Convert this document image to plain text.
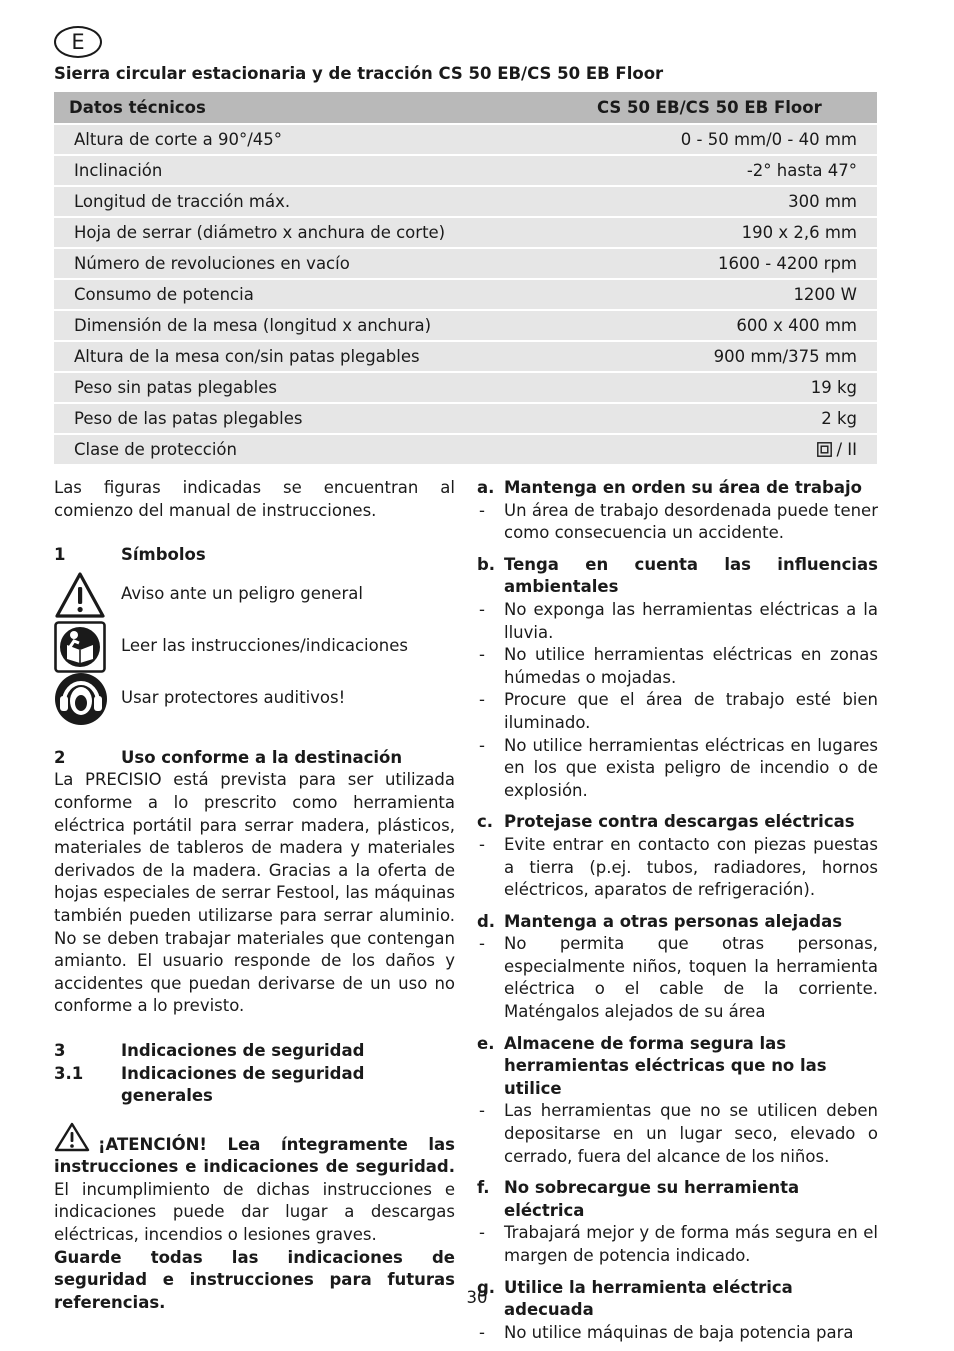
E
Sierra circular estacionaria y de tracción CS 50 EB/CS 50 EB Floor
Datos técnicos	CS 50 EB/CS 50 EB Floor
Altura de corte a 90°/45°	0 - 50 mm/0 - 40 mm
Inclinación	-2° hasta 47°
Longitud de tracción máx.	300 mm
Hoja de serrar (diámetro x anchura de corte)	190 x 2,6 mm
Número de revoluciones en vacío	1600 - 4200 rpm
Consumo de potencia	1200 W
Dimensión de la mesa (longitud x anchura)	600 x 400 mm
Altura de la mesa con/sin patas plegables	900 mm/375 mm
Peso sin patas plegables	19 kg
Peso de las patas plegables	2 kg
Clase de protección	/ II

Las figuras indicadas se encuentran al comienzo del manual de instrucciones.

1	Símbolos
Aviso ante un peligro general
Leer las instrucciones/indicaciones
Usar protectores auditivos!
2	Uso conforme a la destinación

La PRECISIO está prevista para ser utilizada conforme a lo prescrito como herramienta eléctrica portátil para serrar madera, plásticos, materiales de tableros de madera y materiales derivados de la madera. Gracias a la oferta de hojas especiales de serrar Festool, las máquinas también pueden utilizarse para serrar aluminio. No se deben trabajar materiales que contengan amianto. El usuario responde de los daños y accidentes que puedan derivarse de un uso no conforme a lo previsto.

3	Indicaciones de seguridad
3.1	Indicaciones de seguridad generales

¡ATENCIÓN! Lea íntegramente las instrucciones e indicaciones de seguridad. El incumplimiento de dichas instrucciones e indicaciones puede dar lugar a descargas eléctricas, incendios o lesiones graves.

Guarde todas las indicaciones de seguridad e instrucciones para futuras referencias.

a. Mantenga en orden su área de trabajo
-	Un área de trabajo desordenada puede tener como consecuencia un accidente.
b. Tenga en cuenta las influencias ambientales
-	No exponga las herramientas eléctricas a la lluvia.
-	No utilice herramientas eléctricas en zonas húmedas o mojadas.
-	Procure que el área de trabajo esté bien iluminado.
-	No utilice herramientas eléctricas en lugares en los que exista peligro de incendio o de explosión.
c. Protejase contra descargas eléctricas
-	Evite entrar en contacto con piezas puestas a tierra (p.ej. tubos, radiadores, hornos eléctricos, aparatos de refrigeración).
d. Mantenga a otras personas alejadas
-	No permita que otras personas, especialmente niños, toquen la herramienta eléctrica o el cable de la corriente. Maténgalos alejados de su área
e. Almacene de forma segura las herramientas eléctricas que no las utilice
-	Las herramientas que no se utilicen deben depositarse en un lugar seco, elevado o cerrado, fuera del alcance de los niños.
f. No sobrecargue su herramienta eléctrica
-	Trabajará mejor y de forma más segura en el margen de potencia indicado.
g. Utilice la herramienta eléctrica adecuada
-	No utilice máquinas de baja potencia para
30
